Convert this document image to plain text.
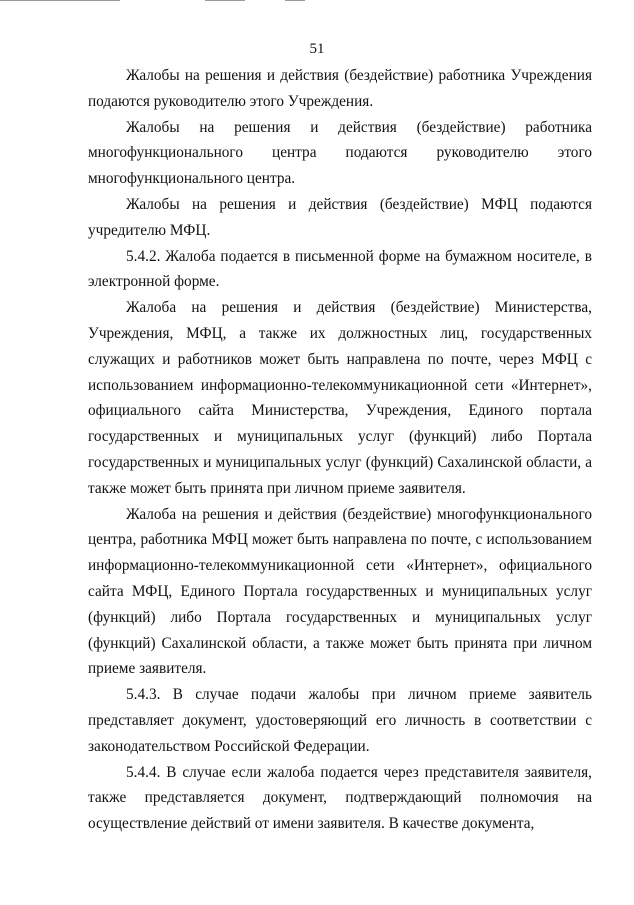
51

Жалобы на решения и действия (бездействие) работника Учреждения подаются руководителю этого Учреждения.

Жалобы на решения и действия (бездействие) работника многофункционального центра подаются руководителю этого многофункционального центра.

Жалобы на решения и действия (бездействие) МФЦ подаются учредителю МФЦ.

5.4.2. Жалоба подается в письменной форме на бумажном носителе, в электронной форме.

Жалоба на решения и действия (бездействие) Министерства, Учреждения, МФЦ, а также их должностных лиц, государственных служащих и работников может быть направлена по почте, через МФЦ с использованием информационно-телекоммуникационной сети «Интернет», официального сайта Министерства, Учреждения, Единого портала государственных и муниципальных услуг (функций) либо Портала государственных и муниципальных услуг (функций) Сахалинской области, а также может быть принята при личном приеме заявителя.

Жалоба на решения и действия (бездействие) многофункционального центра, работника МФЦ может быть направлена по почте, с использованием информационно-телекоммуникационной сети «Интернет», официального сайта МФЦ, Единого Портала государственных и муниципальных услуг (функций) либо Портала государственных и муниципальных услуг (функций) Сахалинской области, а также может быть принята при личном приеме заявителя.

5.4.3. В случае подачи жалобы при личном приеме заявитель представляет документ, удостоверяющий его личность в соответствии с законодательством Российской Федерации.

5.4.4. В случае если жалоба подается через представителя заявителя, также представляется документ, подтверждающий полномочия на осуществление действий от имени заявителя. В качестве документа,
